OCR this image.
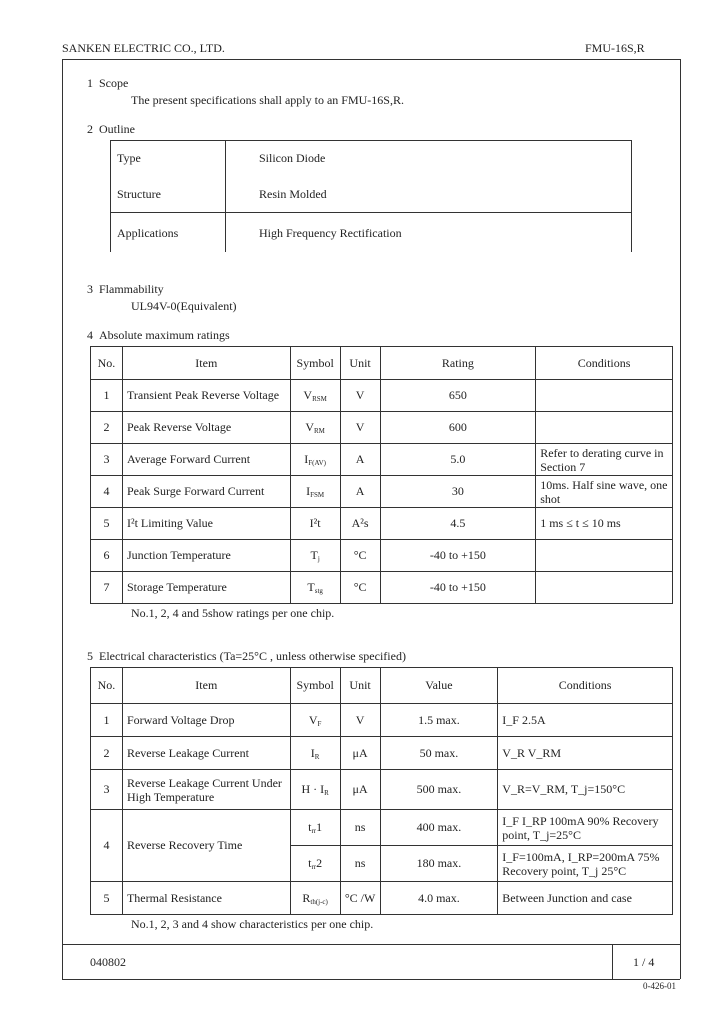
SANKEN ELECTRIC CO., LTD.	FMU-16S,R
1 Scope
The present specifications shall apply to an FMU-16S,R.
2 Outline
Type	Silicon Diode
Structure	Resin Molded
Applications	High Frequency Rectification
3 Flammability
UL94V-0(Equivalent)
4 Absolute maximum ratings
No.	Item	Symbol	Unit	Rating	Conditions
1	Transient Peak Reverse Voltage	$V_{RSM}$	V	650	
2	Peak Reverse Voltage	$V_{RM}$	V	600	
3	Average Forward Current	$I_{F(AV)}$	A	5.0	Refer to derating curve in Section 7
4	Peak Surge Forward Current	$I_{FSM}$	A	30	10ms. Half sine wave, one shot
5	I²t Limiting Value	I²t	A²s	4.5	1 ms ≤ t ≤ 10 ms
6	Junction Temperature	$T_j$	°C	-40 to +150	
7	Storage Temperature	$T_{stg}$	°C	-40 to +150	
No.1, 2, 4 and 5show ratings per one chip.
5 Electrical characteristics (Ta=25°C , unless otherwise specified)
No.	Item	Symbol	Unit	Value	Conditions
1	Forward Voltage Drop	$V_F$	V	1.5 max.	I_F 2.5A
2	Reverse Leakage Current	$I_R$	μA	50 max.	V_R V_RM
3	Reverse Leakage Current Under High Temperature	$H \cdot I_R$	μA	500 max.	V_R=V_RM, T_j=150°C
4	Reverse Recovery Time	$t_{rr}1$	ns	400 max.	I_F I_RP 100mA 90% Recovery point, T_j=25°C
		$t_{rr}2$	ns	180 max.	I_F=100mA, I_RP=200mA 75% Recovery point, T_j 25°C
5	Thermal Resistance	$R_{th(j-c)}$	°C /W	4.0 max.	Between Junction and case
No.1, 2, 3 and 4 show characteristics per one chip.
040802	1 / 4
0-426-01
